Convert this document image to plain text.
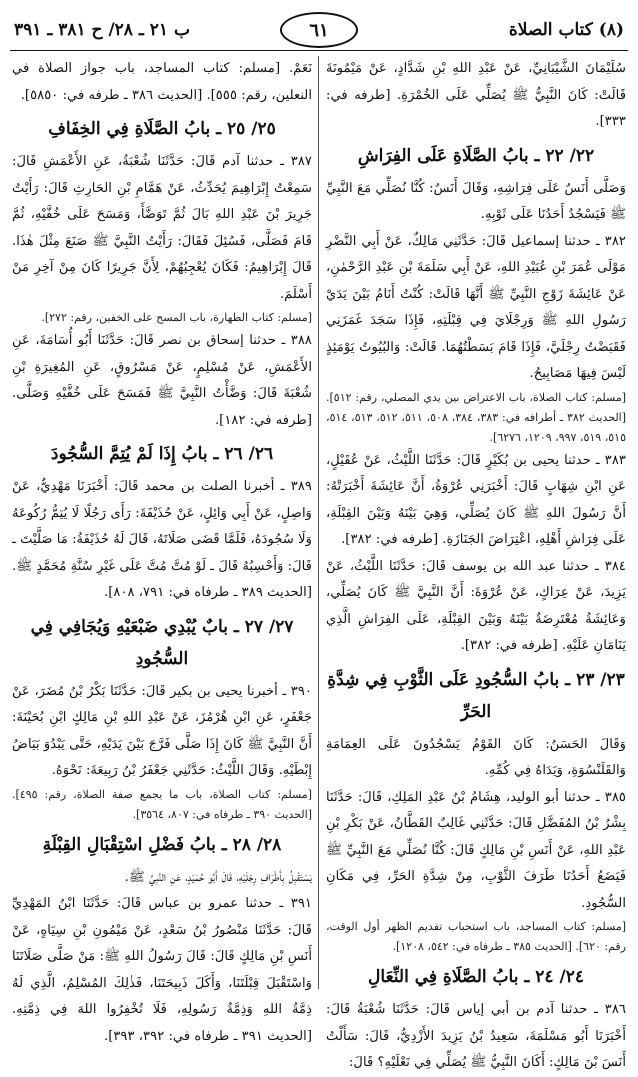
(٨) كتاب الصلاة
٦١
ب ٢١ ـ ٢٨/ ح ٣٨١ ـ ٣٩١

سُلَيْمَانَ الشَّيْبَانِيِّ، عَنْ عَبْدِ اللهِ بْنِ شَدَّادٍ، عَنْ مَيْمُونَةَ قَالَتْ: كَانَ النَّبِيُّ ﷺ يُصَلِّي عَلَى الخُمْرَةِ. [طرفه في: ٣٣٣].

٢٢/ ٢٢ ـ بابُ الصَّلَاةِ عَلَى الفِرَاشِ

وَصَلَّى أَنَسٌ عَلَى فِرَاشِهِ، وَقَالَ أَنَسٌ: كُنَّا نُصَلِّي مَعَ النَّبِيِّ ﷺ فَيَسْجُدُ أَحَدُنَا عَلَى ثَوْبِهِ.

٣٨٢ ـ حدثنا إسماعيل قَالَ: حَدَّثَنِي مَالِكٌ، عَنْ أَبِي النَّضْرِ مَوْلَى عُمَرَ بْنِ عُبَيْدِ اللهِ، عَنْ أَبِي سَلَمَةَ بْنِ عَبْدِ الرَّحْمٰنِ، عَنْ عَائِشَةَ زَوْجِ النَّبِيِّ ﷺ أَنَّهَا قَالَتْ: كُنْتُ أَنَامُ بَيْنَ يَدَيْ رَسُولِ اللهِ ﷺ وَرِجْلَايَ فِي قِبْلَتِهِ، فَإِذَا سَجَدَ غَمَزَنِي فَقَبَضْتُ رِجْلَيَّ، فَإِذَا قَامَ بَسَطْتُهُمَا. قَالَتْ: وَالبُيُوتُ يَوْمَئِذٍ لَيْسَ فِيهَا مَصَابِيحُ.

[مسلم: كتاب الصلاة، باب الاعتراض بين يدي المصلي، رقم: ٥١٢]. [الحديث ٣٨٢ ـ أطرافه في: ٣٨٣، ٣٨٤، ٥٠٨، ٥١١، ٥١٢، ٥١٣، ٥١٤، ٥١٥، ٥١٩، ٩٩٧، ١٢٠٩، ٦٢٧٦].

٣٨٣ ـ حدثنا يحيى بن بُكَيْرٍ قَالَ: حَدَّثَنَا اللَّيْثُ، عَنْ عُقَيْلٍ، عَنِ ابْنِ شِهَابٍ قَالَ: أَخْبَرَنِي عُرْوَةُ، أَنَّ عَائِشَةَ أَخْبَرَتْهُ: أَنَّ رَسُولَ اللهِ ﷺ كَانَ يُصَلِّي، وَهِيَ بَيْنَهُ وَبَيْنَ القِبْلَةِ، عَلَى فِرَاشِ أَهْلِهِ، اعْتِرَاضَ الجَنَازَةِ. [طرفه في: ٣٨٢].

٣٨٤ ـ حدثنا عبد الله بن يوسف قَالَ: حَدَّثَنَا اللَّيْثُ، عَنْ يَزِيدَ، عَنْ عِرَاكٍ، عَنْ عُرْوَةَ: أَنَّ النَّبِيَّ ﷺ كَانَ يُصَلِّي، وَعَائِشَةُ مُعْتَرِضَةٌ بَيْنَهُ وَبَيْنَ القِبْلَةِ، عَلَى الفِرَاشِ الَّذِي يَنَامَانِ عَلَيْهِ. [طرفه في: ٣٨٢].

٢٣/ ٢٣ ـ بابُ السُّجُودِ عَلَى الثَّوْبِ فِي شِدَّةِ الحَرِّ

وَقَالَ الحَسَنُ: كَانَ القَوْمُ يَسْجُدُونَ عَلَى العِمَامَةِ وَالقَلَنْسُوَةِ، وَيَدَاهُ فِي كُمِّهِ.

٣٨٥ ـ حدثنا أبو الوليد، هِشَامُ بْنُ عَبْدِ المَلِكِ، قَالَ: حَدَّثَنَا بِشْرُ بْنُ المُفَضَّلِ قَالَ: حَدَّثَنِي غَالِبٌ القَطَّانُ، عَنْ بَكْرِ بْنِ عَبْدِ اللهِ، عَنْ أَنَسِ بْنِ مَالِكٍ قَالَ: كُنَّا نُصَلِّي مَعَ النَّبِيِّ ﷺ فَيَضَعُ أَحَدُنَا طَرَفَ الثَّوْبِ، مِنْ شِدَّةِ الحَرِّ، فِي مَكَانِ السُّجُودِ.

[مسلم: كتاب المساجد، باب استحباب تقديم الظهر أول الوقت، رقم: ٦٢٠]. [الحديث ٣٨٥ ـ طرفاه في: ٥٤٢، ١٢٠٨].

٢٤/ ٢٤ ـ بابُ الصَّلَاةِ فِي النِّعَالِ

٣٨٦ ـ حدثنا آدم بن أبي إياس قَالَ: حَدَّثَنَا شُعْبَةُ قَالَ: أَخْبَرَنَا أَبُو مَسْلَمَةَ، سَعِيدُ بْنُ يَزِيدَ الأَزْدِيُّ، قَالَ: سَأَلْتُ أَنَسَ بْنَ مَالِكٍ: أَكَانَ النَّبِيُّ ﷺ يُصَلِّي فِي نَعْلَيْهِ؟ قَالَ:

نَعَمْ. [مسلم: كتاب المساجد، باب جواز الصلاة في النعلين، رقم: ٥٥٥]. [الحديث ٣٨٦ ـ طرفه في: ٥٨٥٠].

٢٥/ ٢٥ ـ بابُ الصَّلَاةِ فِي الخِفَافِ

٣٨٧ ـ حدثنا آدم قَالَ: حَدَّثَنَا شُعْبَةُ، عَنِ الأَعْمَشِ قَالَ: سَمِعْتُ إِبْرَاهِيمَ يُحَدِّثُ، عَنْ هَمَّامِ بْنِ الحَارِثِ قَالَ: رَأَيْتُ جَرِيرَ بْنَ عَبْدِ اللهِ بَالَ ثُمَّ تَوَضَّأَ، وَمَسَحَ عَلَى خُفَّيْهِ، ثُمَّ قَامَ فَصَلَّى، فَسُئِلَ فَقَالَ: رَأَيْتُ النَّبِيَّ ﷺ صَنَعَ مِثْلَ هٰذَا. قَالَ إِبْرَاهِيمُ: فَكَانَ يُعْجِبُهُمْ، لِأَنَّ جَرِيرًا كَانَ مِنْ آخِرِ مَنْ أَسْلَمَ.

[مسلم: كتاب الطهارة، باب المسح على الخفين، رقم: ٢٧٢].

٣٨٨ ـ حدثنا إسحاق بن نصر قَالَ: حَدَّثَنَا أَبُو أُسَامَةَ، عَنِ الأَعْمَشِ، عَنْ مُسْلِمٍ، عَنْ مَسْرُوقٍ، عَنِ المُغِيرَةِ بْنِ شُعْبَةَ قَالَ: وَضَّأْتُ النَّبِيَّ ﷺ فَمَسَحَ عَلَى خُفَّيْهِ وَصَلَّى. [طرفه في: ١٨٢].

٢٦/ ٢٦ ـ بابُ إِذَا لَمْ يُتِمَّ السُّجُودَ

٣٨٩ ـ أخبرنا الصلت بن محمد قَالَ: أَخْبَرَنَا مَهْدِيٌّ، عَنْ وَاصِلٍ، عَنْ أَبِي وَائِلٍ، عَنْ حُذَيْفَةَ: رَأَى رَجُلًا لَا يُتِمُّ رُكُوعَهُ وَلَا سُجُودَهُ، فَلَمَّا قَضَى صَلَاتَهُ، قَالَ لَهُ حُذَيْفَةُ: مَا صَلَّيْتَ ـ قَالَ: وَأَحْسِبُهُ قَالَ ـ لَوْ مُتَّ مُتَّ عَلَى غَيْرِ سُنَّةِ مُحَمَّدٍ ﷺ. [الحديث ٣٨٩ ـ طرفاه في: ٧٩١، ٨٠٨].

٢٧/ ٢٧ ـ بابٌ يُبْدِي ضَبْعَيْهِ وَيُجَافِي فِي السُّجُودِ

٣٩٠ ـ أخبرنا يحيى بن بكير قَالَ: حَدَّثَنَا بَكْرُ بْنُ مُضَرَ، عَنْ جَعْفَرٍ، عَنِ ابْنِ هُرْمُزَ، عَنْ عَبْدِ اللهِ بْنِ مَالِكٍ ابْنِ بُحَيْنَةَ: أَنَّ النَّبِيَّ ﷺ كَانَ إِذَا صَلَّى فَرَّجَ بَيْنَ يَدَيْهِ، حَتَّى يَبْدُوَ بَيَاضُ إِبْطَيْهِ. وَقَالَ اللَّيْثُ: حَدَّثَنِي جَعْفَرُ بْنُ رَبِيعَةَ: نَحْوَهُ.

[مسلم: كتاب الصلاة، باب ما يجمع صفة الصلاة، رقم: ٤٩٥]. [الحديث ٣٩٠ ـ طرفاه في: ٨٠٧، ٣٥٦٤].

٢٨/ ٢٨ ـ بابُ فَضْلِ اسْتِقْبَالِ القِبْلَةِ

يَسْتَقْبِلُ بِأَطْرَافِ رِجْلَيْهِ، قَالَ أَبُو حُمَيْدٍ، عَنِ النَّبِيِّ ﷺ.

٣٩١ ـ حدثنا عمرو بن عباس قَالَ: حَدَّثَنَا ابْنُ المَهْدِيِّ قَالَ: حَدَّثَنَا مَنْصُورُ بْنُ سَعْدٍ، عَنْ مَيْمُونِ بْنِ سِيَاهٍ، عَنْ أَنَسِ بْنِ مَالِكٍ قَالَ: قَالَ رَسُولُ اللهِ ﷺ: مَنْ صَلَّى صَلَاتَنَا وَاسْتَقْبَلَ قِبْلَتَنَا، وَأَكَلَ ذَبِيحَتَنَا، فَذٰلِكَ المُسْلِمُ، الَّذِي لَهُ ذِمَّةُ اللهِ وَذِمَّةُ رَسُولِهِ، فَلَا تُخْفِرُوا اللهَ فِي ذِمَّتِهِ. [الحديث ٣٩١ ـ طرفاه في: ٣٩٢، ٣٩٣].
